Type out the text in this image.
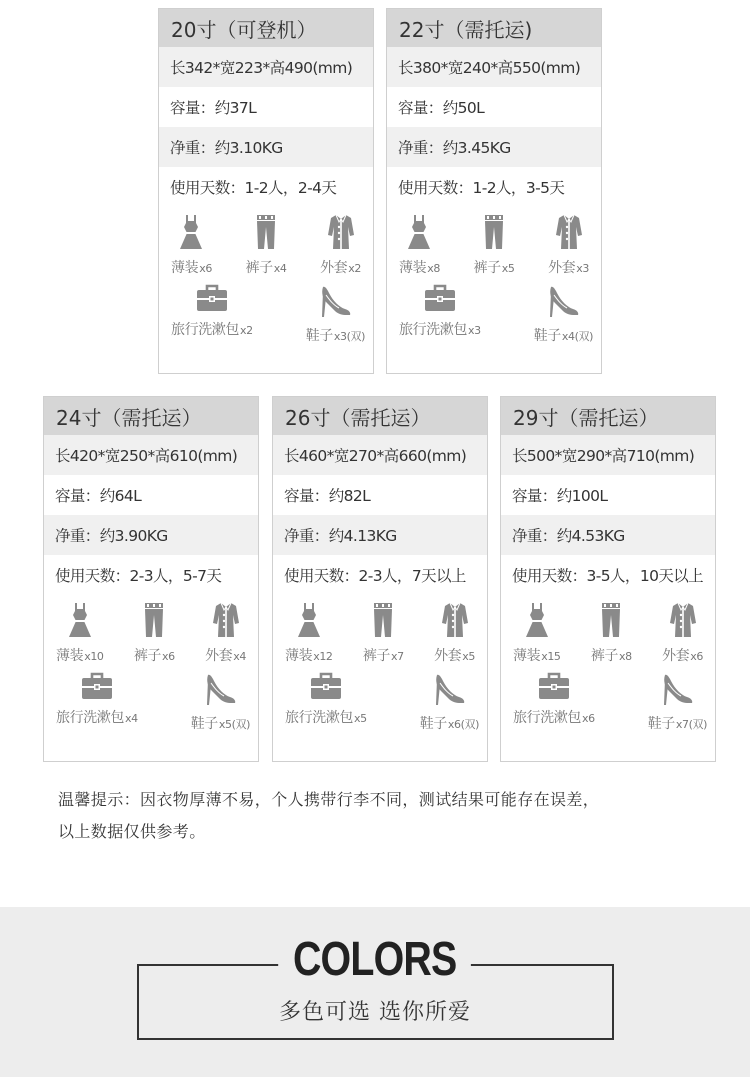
20寸（可登机）
长342*宽223*高490(mm)
容量：约37L
净重：约3.10KG
使用天数：1-2人，2-4天
薄装x6 裤子x4 外套x2
旅行洗漱包x2	鞋子x3(双)
22寸（需托运)
长380*宽240*高550(mm)
容量：约50L
净重：约3.45KG
使用天数：1-2人，3-5天
薄装x8 裤子x5 外套x3
旅行洗漱包x3	鞋子x4(双)
24寸（需托运）
长420*宽250*高610(mm)
容量：约64L
净重：约3.90KG
使用天数：2-3人，5-7天
薄装x10 裤子x6 外套x4
旅行洗漱包x4	鞋子x5(双)
26寸（需托运）
长460*宽270*高660(mm)
容量：约82L
净重：约4.13KG
使用天数：2-3人，7天以上
薄装x12 裤子x7 外套x5
旅行洗漱包x5	鞋子x6(双)
29寸（需托运）
长500*宽290*高710(mm)
容量：约100L
净重：约4.53KG
使用天数：3-5人，10天以上
薄装x15 裤子x8 外套x6
旅行洗漱包x6	鞋子x7(双)
温馨提示：因衣物厚薄不易，个人携带行李不同，测试结果可能存在误差，
以上数据仅供参考。
COLORS
多色可选 选你所爱
